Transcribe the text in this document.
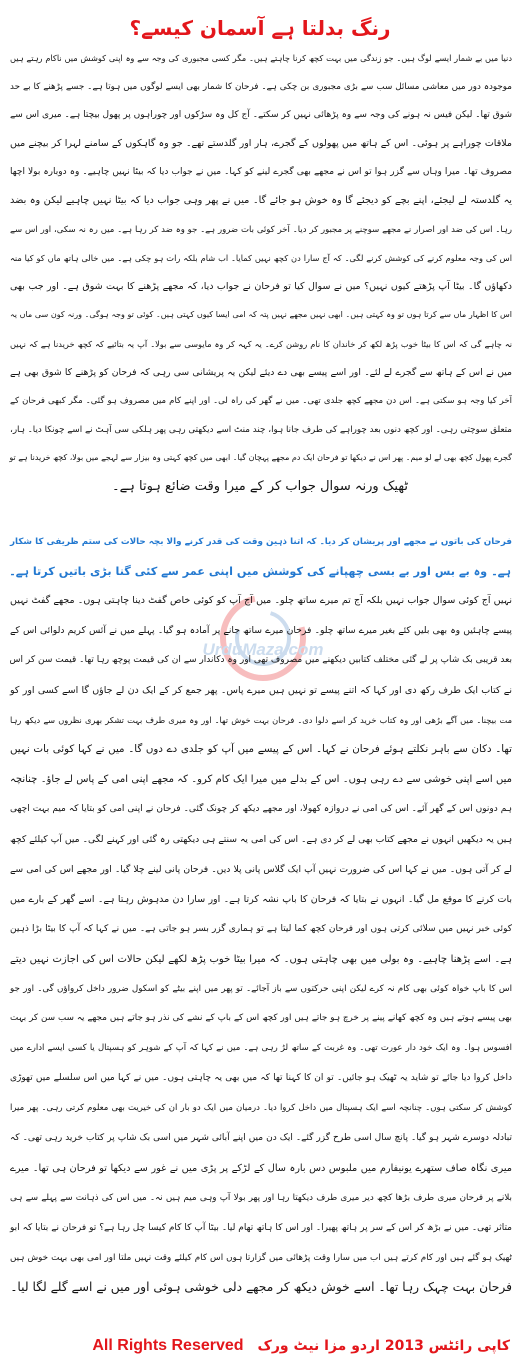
رنگ بدلتا ہے آسمان کیسے؟
UrduMaza.com
دنیا میں بے شمار ایسے لوگ ہیں۔ جو زندگی میں بہت کچھ کرنا چاہتے ہیں۔ مگر کسی مجبوری کی وجہ سے وہ اپنی کوشش میں ناکام رہتے ہیں
موجودہ دور میں معاشی مسائل سب سے بڑی مجبوری بن چکی ہے۔ فرحان کا شمار بھی ایسے لوگوں میں ہوتا ہے۔ جسے پڑھنے کا بے حد
شوق تھا۔ لیکن فیس نہ ہونے کی وجہ سے وہ پڑھائی نہیں کر سکتے۔ آج کل وہ سڑکوں اور چوراہوں پر پھول بیچتا ہے۔ میری اس سے
ملاقات چوراہے پر ہوئی۔ اس کے ہاتھ میں پھولوں کے گجرے، ہار اور گلدستے تھے۔ جو وہ گاہکوں کے سامنے لہرا کر بیچنے میں
مصروف تھا۔ میرا وہاں سے گزر ہوا تو اس نے مجھے بھی گجرے لینے کو کہا۔ میں نے جواب دیا کہ بیٹا نہیں چاہیے۔ وہ دوبارہ بولا اچھا
یہ گلدستہ لے لیجئے، اپنے بچے کو دیجئے گا وہ خوش ہو جائے گا۔ میں نے پھر وہی جواب دیا کہ بیٹا نہیں چاہیے لیکن وہ بضد
رہا۔ اس کی ضد اور اصرار نے مجھے سوچنے پر مجبور کر دیا۔ آخر کوئی بات ضرور ہے۔ جو وہ ضد کر رہا ہے۔ میں رہ نہ سکی، اور اس سے
اس کی وجہ معلوم کرنے کی کوشش کرنے لگی۔ کہ آج سارا دن کچھ نہیں کمایا۔ اب شام بلکہ رات ہو چکی ہے۔ میں خالی ہاتھ ماں کو کیا منہ
دکھاؤں گا۔ بیٹا آپ پڑھتے کیوں نہیں؟ میں نے سوال کیا تو فرحان نے جواب دیا، کہ مجھے پڑھنے کا بہت شوق ہے۔ اور جب بھی
اس کا اظہار ماں سے کرتا ہوں تو وہ کہتی ہیں۔ ابھی نہیں مجھے نہیں پتہ کہ امی ایسا کیوں کہتی ہیں۔ کوئی تو وجہ ہوگی۔ ورنہ کون سی ماں یہ
نہ چاہے گی کہ اس کا بیٹا خوب پڑھ لکھ کر خاندان کا نام روشن کرے۔ یہ کہہ کر وہ مایوسی سے بولا۔ آپ یہ بتائیے کہ کچھ خریدنا ہے کہ نہیں
میں نے اس کے ہاتھ سے گجرے لے لئے۔ اور اسے پیسے بھی دے دیئے لیکن یہ پریشانی سی رہی کہ فرحان کو پڑھنے کا شوق بھی ہے
آخر کیا وجہ ہو سکتی ہے۔ اس دن مجھے کچھ جلدی تھی۔ میں نے گھر کی راہ لی۔ اور اپنے کام میں مصروف ہو گئی۔ مگر کبھی فرحان کے
متعلق سوچتی رہی۔ اور کچھ دنوں بعد چوراہے کی طرف جانا ہوا، چند منٹ اسے دیکھتی رہی پھر ہلکی سی آہٹ نے اسے چونکا دیا۔ ہار،
گجرے پھول کچھ بھی لے لو میم۔ پھر اس نے دیکھا تو فرحان ایک دم مجھے پہچان گیا۔ ابھی میں کچھ کہتی وہ بیزار سے لہجے میں بولا، کچھ خریدنا ہے تو
ٹھیک ورنہ سوال جواب کر کے میرا وقت ضائع ہوتا ہے۔
فرحان کی باتوں نے مجھے اور پریشان کر دیا۔ کہ اتنا ذہین وقت کی قدر کرنے والا بچہ حالات کی ستم ظریفی کا شکار
ہے۔ وہ بے بس اور بے بسی چھپانے کی کوشش میں اپنی عمر سے کئی گنا بڑی باتیں کرتا ہے۔
نہیں آج کوئی سوال جواب نہیں بلکہ آج تم میرے ساتھ چلو۔ میں آج آپ کو کوئی خاص گفٹ دینا چاہتی ہوں۔ مجھے گفٹ نہیں
پیسے چاہئیں وہ بھی بلیں کئے بغیر میرے ساتھ چلو۔ فرحان میرے ساتھ جانے پر آمادہ ہو گیا۔ پہلے میں نے آئس کریم دلوائی اس کے
بعد قریبی بک شاپ پر لے گئی مختلف کتابیں دیکھنے میں مصروف تھی اور وہ دکاندار سے ان کی قیمت پوچھ رہا تھا۔ قیمت سن کر اس
نے کتاب ایک طرف رکھ دی اور کہا کہ اتنے پیسے تو نہیں ہیں میرے پاس۔ پھر جمع کر کے ایک دن لے جاؤں گا اسے کسی اور کو
مت بیچنا۔ میں آگے بڑھی اور وہ کتاب خرید کر اسے دلوا دی۔ فرحان بہت خوش تھا۔ اور وہ میری طرف بہت تشکر بھری نظروں سے دیکھ رہا
تھا۔ دکان سے باہر نکلتے ہوئے فرحان نے کہا۔ اس کے پیسے میں آپ کو جلدی دے دوں گا۔ میں نے کہا کوئی بات نہیں
میں اسے اپنی خوشی سے دے رہی ہوں۔ اس کے بدلے میں میرا ایک کام کرو۔ کہ مجھے اپنی امی کے پاس لے جاؤ۔ چنانچہ
ہم دونوں اس کے گھر آئے۔ اس کی امی نے دروازہ کھولا، اور مجھے دیکھ کر چونک گئی۔ فرحان نے اپنی امی کو بتایا کہ میم بہت اچھی
ہیں یہ دیکھیں انہوں نے مجھے کتاب بھی لے کر دی ہے۔ اس کی امی یہ سنتے ہی دیکھتی رہ گئی اور کہنے لگی۔ میں آپ کیلئے کچھ
لے کر آتی ہوں۔ میں نے کہا اس کی ضرورت نہیں آپ ایک گلاس پانی پلا دیں۔ فرحان پانی لینے چلا گیا۔ اور مجھے اس کی امی سے
بات کرنے کا موقع مل گیا۔ انہوں نے بتایا کہ فرحان کا باپ نشہ کرتا ہے۔ اور سارا دن مدہوش رہتا ہے۔ اسے گھر کے بارے میں
کوئی خبر نہیں میں سلائی کرتی ہوں اور فرحان کچھ کما لیتا ہے تو ہماری گزر بسر ہو جاتی ہے۔ میں نے کہا کہ آپ کا بیٹا بڑا ذہین
ہے۔ اسے پڑھنا چاہیے۔ وہ بولی میں بھی چاہتی ہوں۔ کہ میرا بیٹا خوب پڑھ لکھے لیکن حالات اس کی اجازت نہیں دیتے
اس کا باپ خواہ کوئی بھی کام نہ کرے لیکن اپنی حرکتوں سے باز آجائے۔ تو پھر میں اپنے بیٹے کو اسکول ضرور داخل کرواؤں گی۔ اور جو
بھی پیسے ہوتے ہیں وہ کچھ کھانے پینے پر خرچ ہو جاتے ہیں اور کچھ اس کے باپ کے نشے کی نذر ہو جاتے ہیں مجھے یہ سب سن کر بہت
افسوس ہوا۔ وہ ایک خود دار عورت تھی۔ وہ غربت کے ساتھ لڑ رہی ہے۔ میں نے کہا کہ آپ کے شوہر کو ہسپتال یا کسی ایسے ادارے میں
داخل کروا دیا جائے تو شاید یہ ٹھیک ہو جائیں۔ تو ان کا کہنا تھا کہ میں بھی یہ چاہتی ہوں۔ میں نے کہا میں اس سلسلے میں تھوڑی
کوشش کر سکتی ہوں۔ چنانچہ اسے ایک ہسپتال میں داخل کروا دیا۔ درمیان میں ایک دو بار ان کی خیریت بھی معلوم کرتی رہی۔ پھر میرا
تبادلہ دوسرے شہر ہو گیا۔ پانچ سال اسی طرح گزر گئے۔ ایک دن میں اپنے آبائی شہر میں اسی بک شاپ پر کتاب خرید رہی تھی۔ کہ
میری نگاہ صاف ستھرے یونیفارم میں ملبوس دس بارہ سال کے لڑکے پر پڑی میں نے غور سے دیکھا تو فرحان ہی تھا۔ میرے
بلانے پر فرحان میری طرف بڑھا کچھ دیر میری طرف دیکھتا رہا اور پھر بولا آپ وہی میم ہیں نہ۔ میں اس کی ذہانت سے پہلے سے ہی
متاثر تھی۔ میں نے بڑھ کر اس کے سر پر ہاتھ پھیرا۔ اور اس کا ہاتھ تھام لیا۔ بیٹا آپ کا کام کیسا چل رہا ہے؟ تو فرحان نے بتایا کہ ابو
ٹھیک ہو گئے ہیں اور کام کرتے ہیں اب میں سارا وقت پڑھائی میں گزارتا ہوں اس کام کیلئے وقت نہیں ملتا اور امی بھی بہت خوش ہیں
فرحان بہت چہک رہا تھا۔ اسے خوش دیکھ کر مجھے دلی خوشی ہوئی اور میں نے اسے گلے لگا لیا۔
All Rights Reserved کاپی رائٹس 2013 اردو مزا نیٹ ورک
